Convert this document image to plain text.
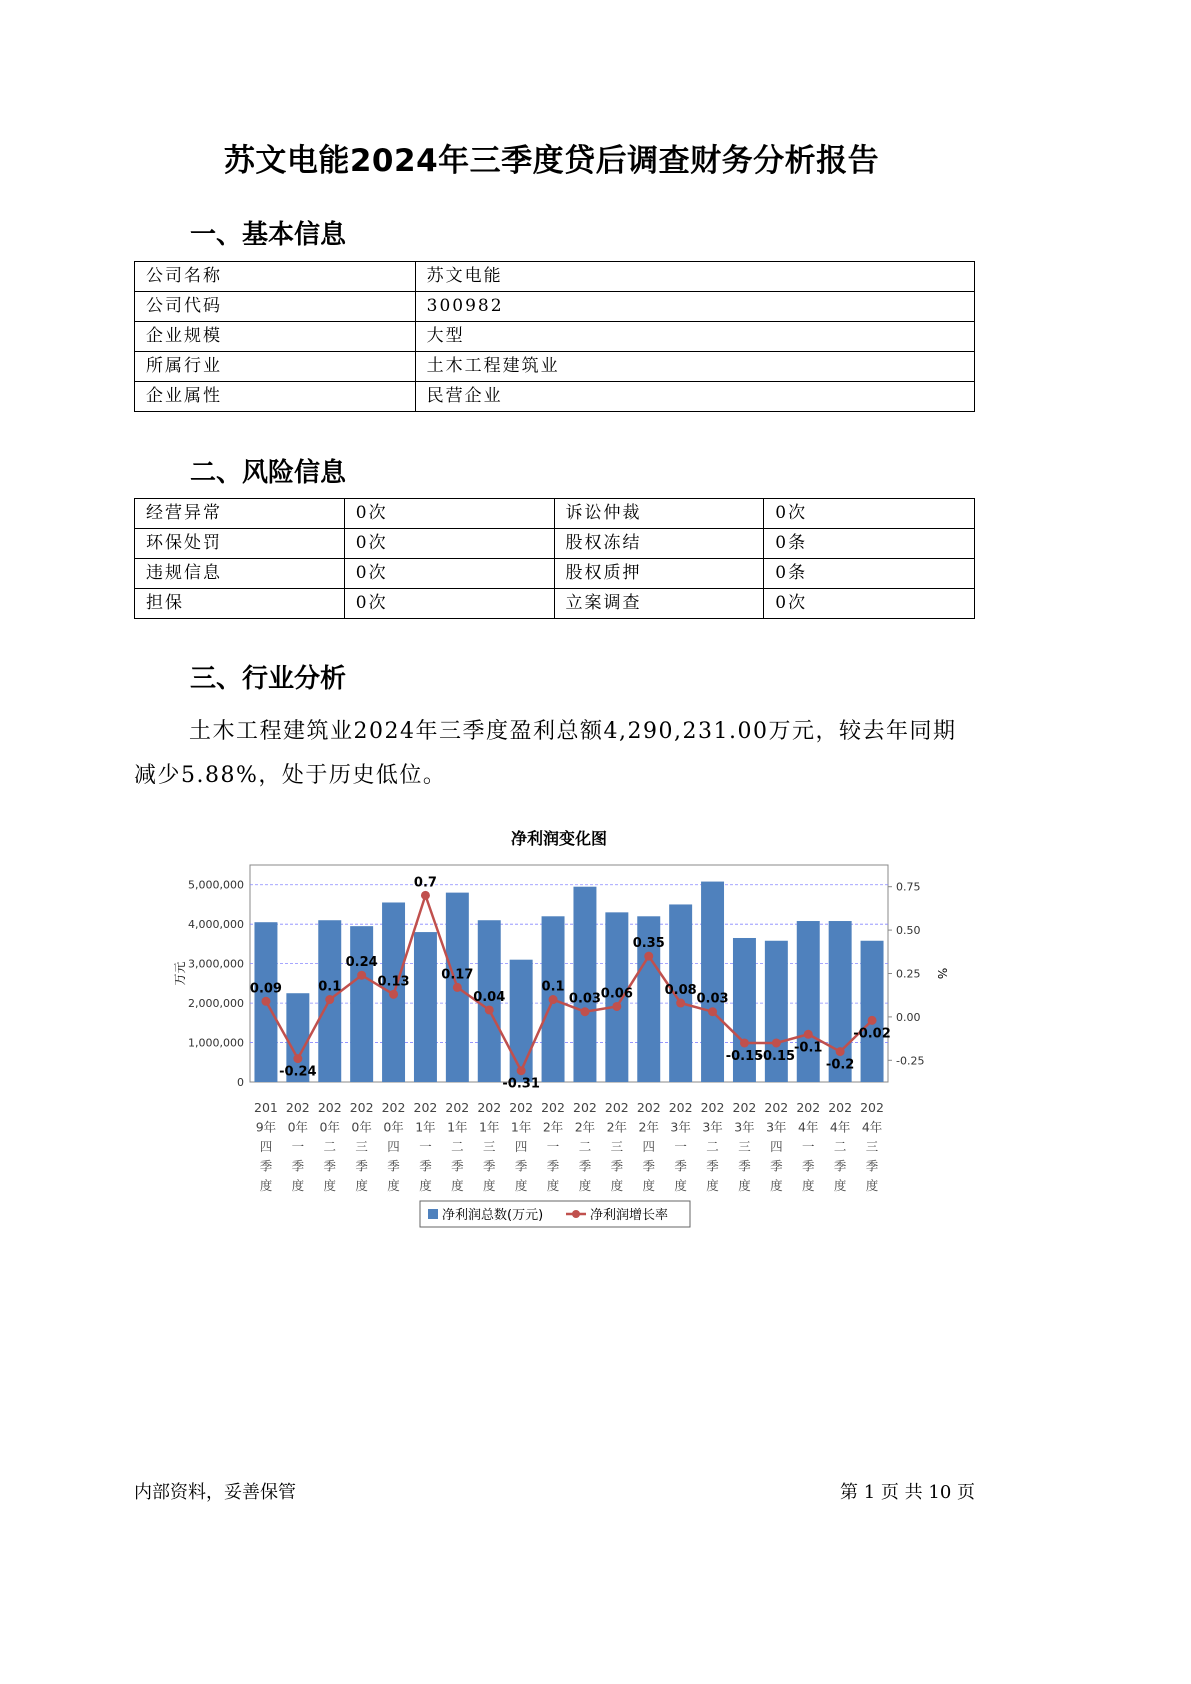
苏文电能2024年三季度贷后调查财务分析报告
一、基本信息
公司名称	苏文电能
公司代码	300982
企业规模	大型
所属行业	土木工程建筑业
企业属性	民营企业
二、风险信息
经营异常	0次	诉讼仲裁	0次
环保处罚	0次	股权冻结	0条
违规信息	0次	股权质押	0条
担保	0次	立案调查	0次
三、行业分析
土木工程建筑业2024年三季度盈利总额4,290,231.00万元，较去年同期减少5.88%，处于历史低位。
净利润变化图
0
1,000,000
2,000,000
3,000,000
4,000,000
5,000,000
-0.25
0.00
0.25
0.50
0.75
万元	%
0.09
-0.24
0.1
0.24
0.13
0.7
0.17
0.04
-0.31
0.1
0.03 0.06
0.35
0.08
0.03
-0.15
-0.15
-0.1
-0.2
-0.02
201
9年
四
季
度
202
0年
一
季
度
202
0年
二
季
度
202
0年
三
季
度
202
0年
四
季
度
202
1年
一
季
度
202
1年
二
季
度
202
1年
三
季
度
202
1年
四
季
度
202
2年
一
季
度
202
2年
二
季
度
202
2年
三
季
度
202
2年
四
季
度
202
3年
一
季
度
202
3年
二
季
度
202
3年
三
季
度
202
3年
四
季
度
202
4年
一
季
度
202
4年
二
季
度
202
4年
三
季
度
净利润总数(万元)	净利润增长率
内部资料，妥善保管	第 1 页 共 10 页
